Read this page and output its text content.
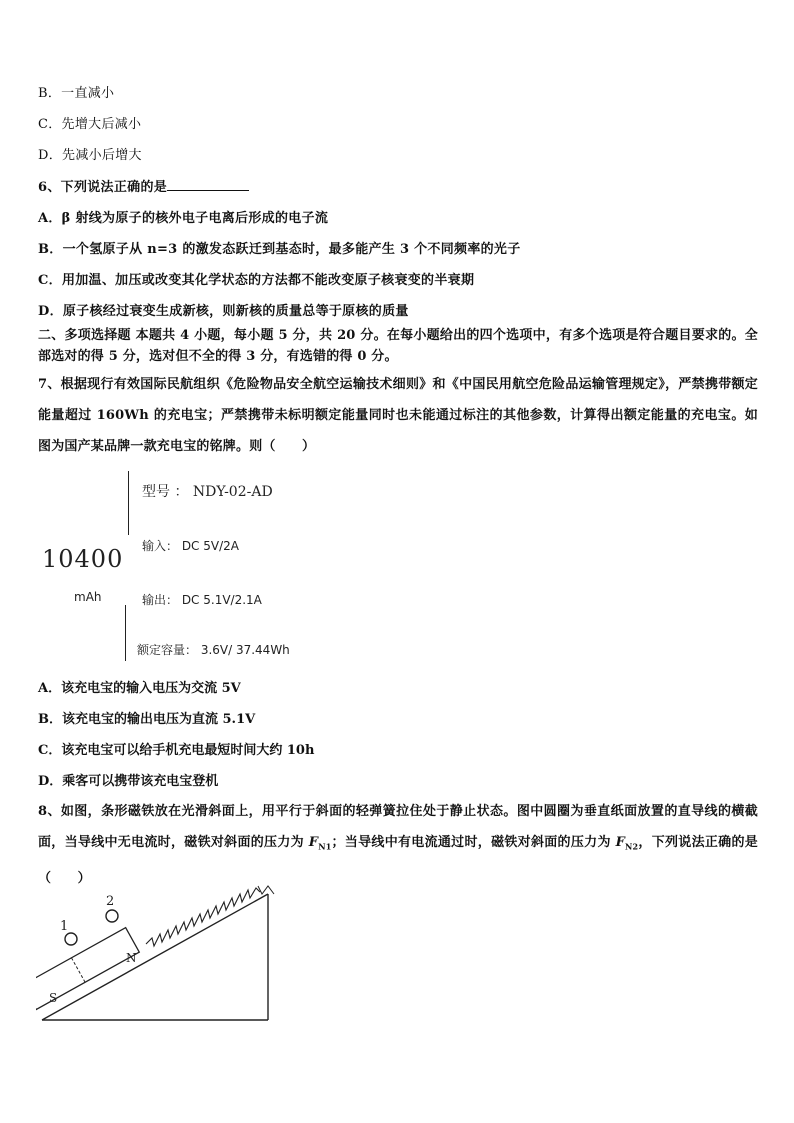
B．一直减小
C．先增大后减小
D．先减小后增大
6、下列说法正确的是
A．β 射线为原子的核外电子电离后形成的电子流
B．一个氢原子从 n=3 的激发态跃迁到基态时，最多能产生 3 个不同频率的光子
C．用加温、加压或改变其化学状态的方法都不能改变原子核衰变的半衰期
D．原子核经过衰变生成新核，则新核的质量总等于原核的质量
二、多项选择题 本题共 4 小题，每小题 5 分，共 20 分。在每小题给出的四个选项中，有多个选项是符合题目要求的。全部选对的得 5 分，选对但不全的得 3 分，有选错的得 0 分。
7、根据现行有效国际民航组织《危险物品安全航空运输技术细则》和《中国民用航空危险品运输管理规定》，严禁携带额定能量超过 160Wh 的充电宝；严禁携带未标明额定能量同时也未能通过标注的其他参数，计算得出额定能量的充电宝。如图为国产某品牌一款充电宝的铭牌。则（　　）
10400
mAh
型号 ： NDY-02-AD
输入： DC 5V/2A
输出： DC 5.1V/2.1A
额定容量： 3.6V/ 37.44Wh
A．该充电宝的输入电压为交流 5V
B．该充电宝的输出电压为直流 5.1V
C．该充电宝可以给手机充电最短时间大约 10h
D．乘客可以携带该充电宝登机
8、如图，条形磁铁放在光滑斜面上，用平行于斜面的轻弹簧拉住处于静止状态。图中圆圈为垂直纸面放置的直导线的横截面，当导线中无电流时，磁铁对斜面的压力为 $F_{N1}$；当导线中有电流通过时，磁铁对斜面的压力为 $F_{N2}$，下列说法正确的是（　　）
1
2
N
S
